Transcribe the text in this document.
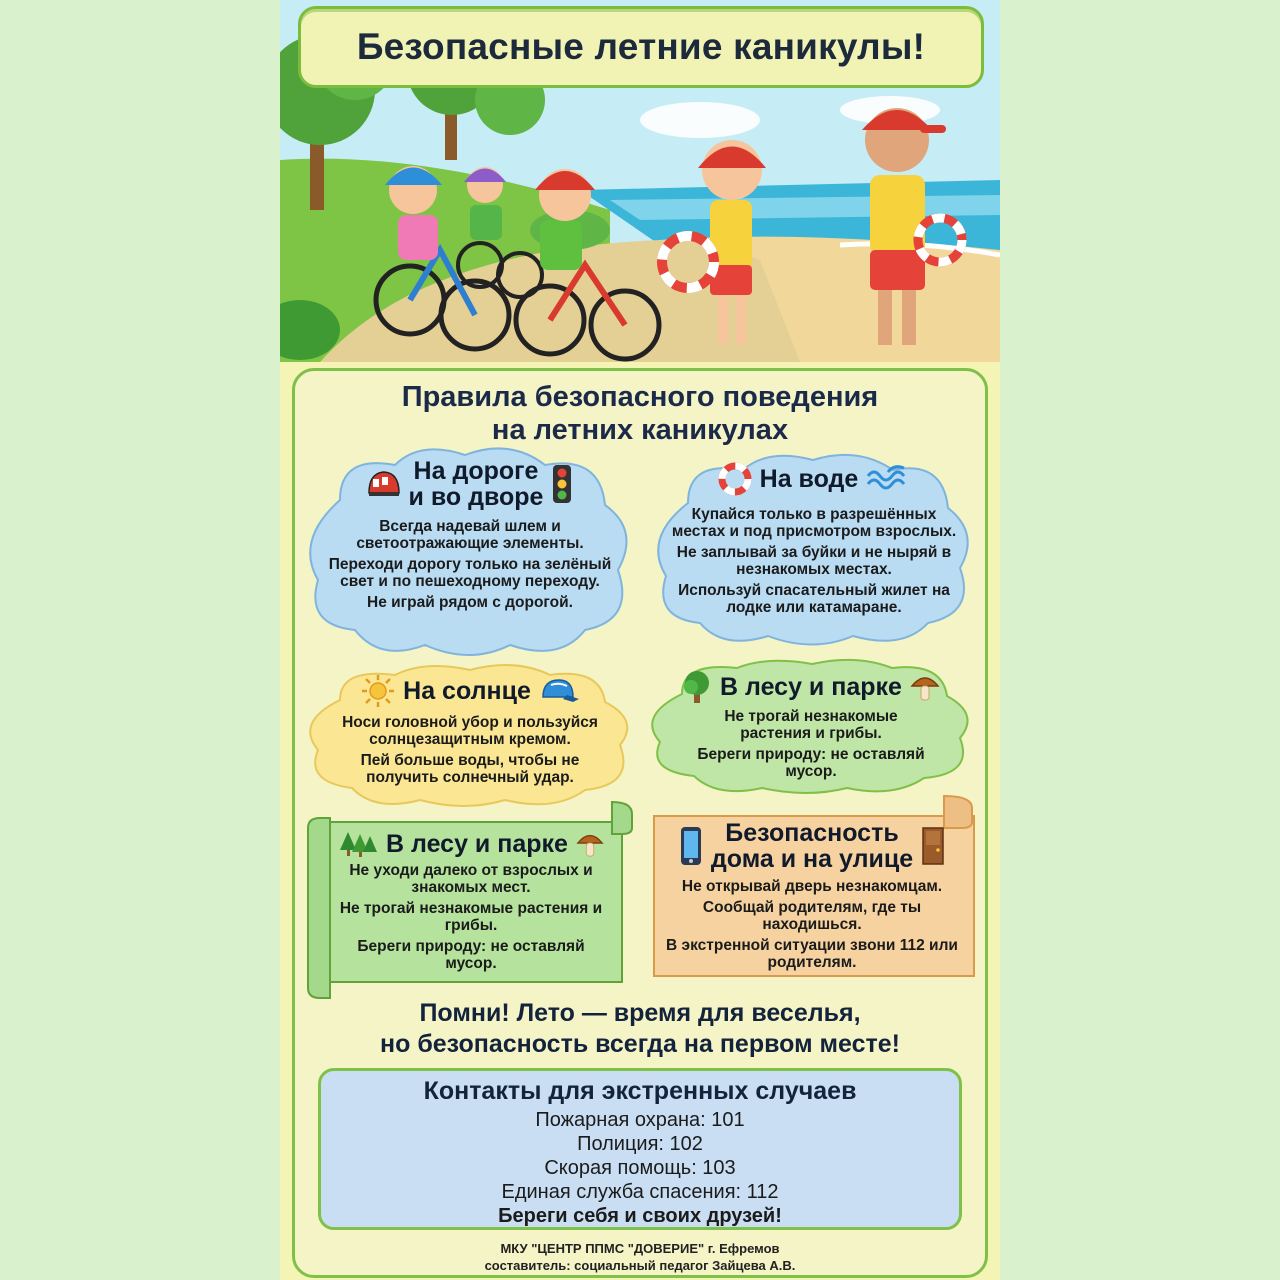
Безопасные летние каникулы!
Правила безопасного поведения
на летних каникулах
На дороге
и во дворе

Всегда надевай шлем и светоотражающие элементы.

Переходи дорогу только на зелёный свет и по пешеходному переходу.

Не играй рядом с дорогой.

На воде

Купайся только в разрешённых местах и под присмотром взрослых.

Не заплывай за буйки и не ныряй в незнакомых местах.

Используй спасательный жилет на лодке или катамаране.

На солнце

Носи головной убор и пользуйся солнцезащитным кремом.

Пей больше воды, чтобы не получить солнечный удар.

В лесу и парке

Не трогай незнакомые растения и грибы.

Береги природу: не оставляй мусор.

В лесу и парке

Не уходи далеко от взрослых и знакомых мест.

Не трогай незнакомые растения и грибы.

Береги природу: не оставляй мусор.

Безопасность
дома и на улице

Не открывай дверь незнакомцам.

Сообщай родителям, где ты находишься.

В экстренной ситуации звони 112 или родителям.

Помни! Лето — время для веселья,
но безопасность всегда на первом месте!
Контакты для экстренных случаев
Пожарная охрана: 101
Полиция: 102
Скорая помощь: 103
Единая служба спасения: 112
Береги себя и своих друзей!
МКУ "ЦЕНТР ППМС "ДОВЕРИЕ" г. Ефремов
составитель: социальный педагог Зайцева А.В.
